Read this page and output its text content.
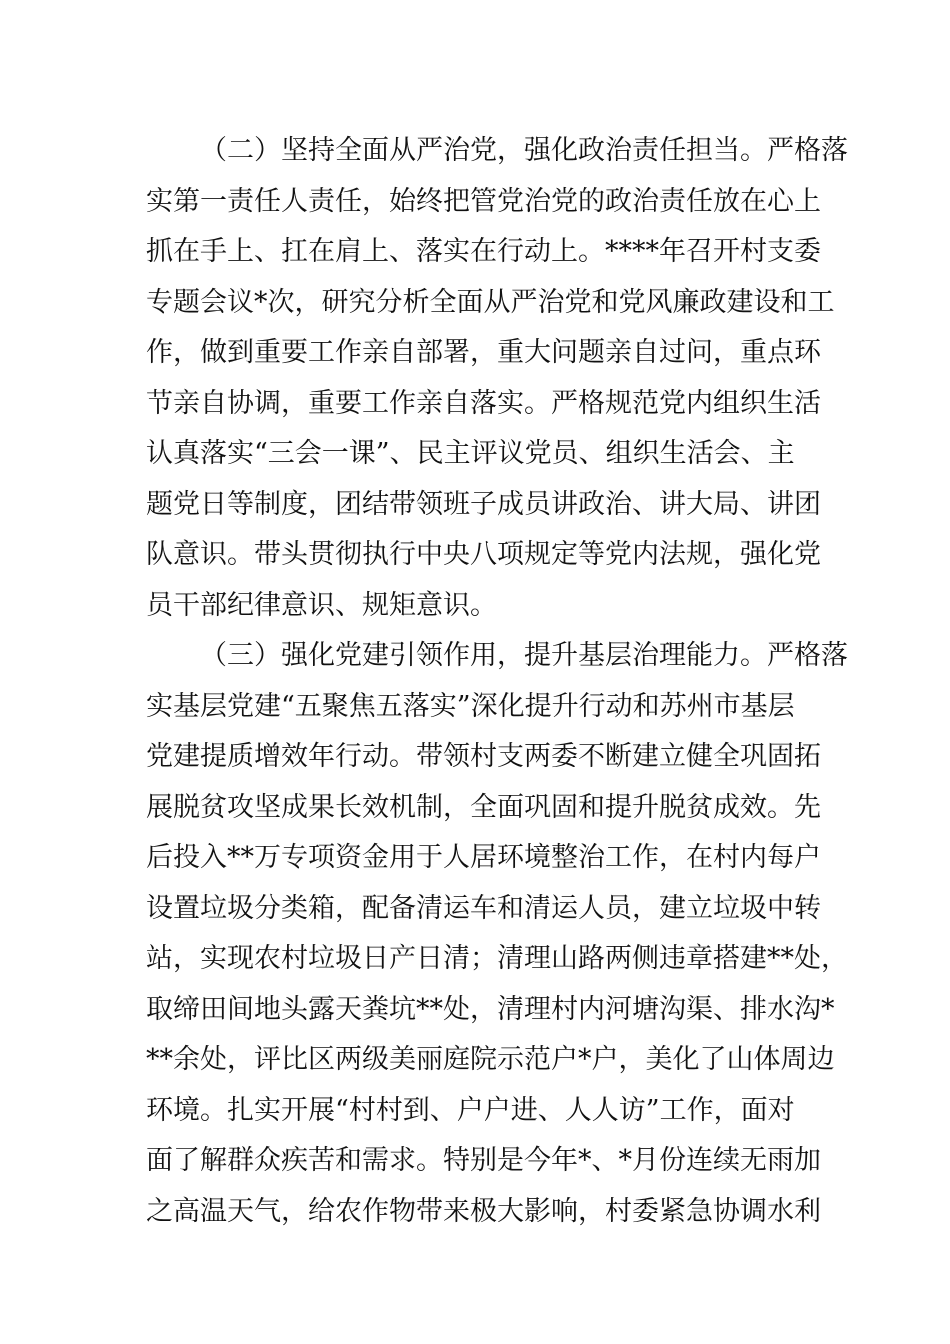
（二）坚持全面从严治党，强化政治责任担当。严格落
实第一责任人责任，始终把管党治党的政治责任放在心上
抓在手上、扛在肩上、落实在行动上。****年召开村支委
专题会议*次，研究分析全面从严治党和党风廉政建设和工
作，做到重要工作亲自部署，重大问题亲自过问，重点环
节亲自协调，重要工作亲自落实。严格规范党内组织生活
认真落实“三会一课”、民主评议党员、组织生活会、主
题党日等制度，团结带领班子成员讲政治、讲大局、讲团
队意识。带头贯彻执行中央八项规定等党内法规，强化党
员干部纪律意识、规矩意识。
（三）强化党建引领作用，提升基层治理能力。严格落
实基层党建“五聚焦五落实”深化提升行动和苏州市基层
党建提质增效年行动。带领村支两委不断建立健全巩固拓
展脱贫攻坚成果长效机制，全面巩固和提升脱贫成效。先
后投入**万专项资金用于人居环境整治工作，在村内每户
设置垃圾分类箱，配备清运车和清运人员，建立垃圾中转
站，实现农村垃圾日产日清；清理山路两侧违章搭建**处，
取缔田间地头露天粪坑**处，清理村内河塘沟渠、排水沟*
**余处，评比区两级美丽庭院示范户*户，美化了山体周边
环境。扎实开展“村村到、户户进、人人访”工作，面对
面了解群众疾苦和需求。特别是今年*、*月份连续无雨加
之高温天气，给农作物带来极大影响，村委紧急协调水利
